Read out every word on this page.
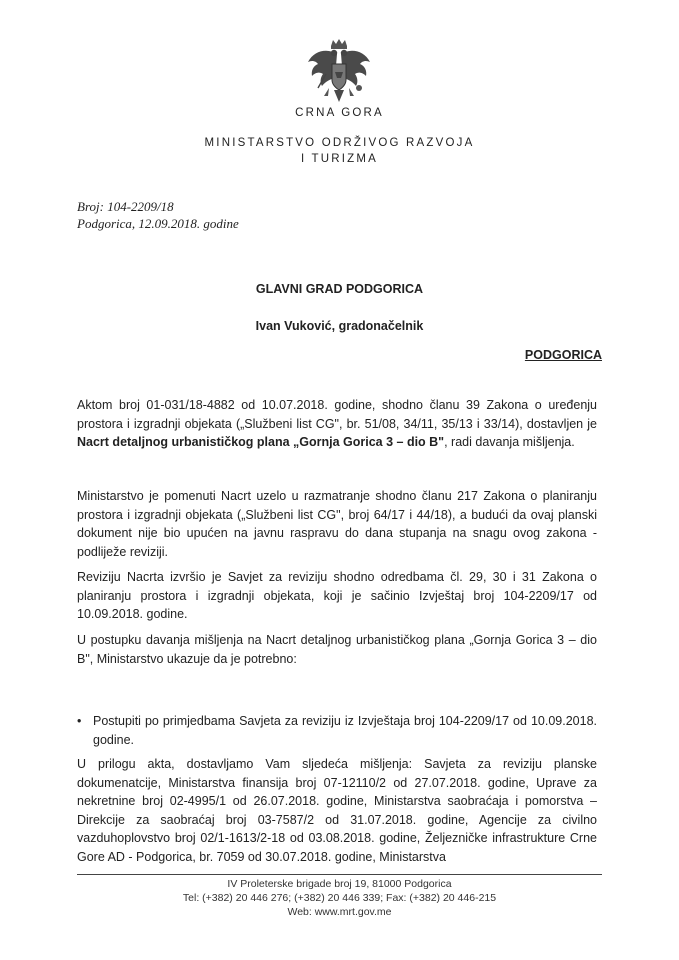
CRNA GORA
MINISTARSTVO ODRŽIVOG RAZVOJA
I TURIZMA
Broj: 104-2209/18
Podgorica, 12.09.2018. godine
GLAVNI GRAD PODGORICA
Ivan Vuković, gradonačelnik
PODGORICA

Aktom broj 01-031/18-4882 od 10.07.2018. godine, shodno članu 39 Zakona o uređenju prostora i izgradnji objekata („Službeni list CG", br. 51/08, 34/11, 35/13 i 33/14), dostavljen je Nacrt detaljnog urbanističkog plana „Gornja Gorica 3 – dio B", radi davanja mišljenja.

Ministarstvo je pomenuti Nacrt uzelo u razmatranje shodno članu 217 Zakona o planiranju prostora i izgradnji objekata („Službeni list CG", broj 64/17 i 44/18), a budući da ovaj planski dokument nije bio upućen na javnu raspravu do dana stupanja na snagu ovog zakona - podliježe reviziji.

Reviziju Nacrta izvršio je Savjet za reviziju shodno odredbama čl. 29, 30 i 31 Zakona o planiranju prostora i izgradnji objekata, koji je sačinio Izvještaj broj 104-2209/17 od 10.09.2018. godine.

U postupku davanja mišljenja na Nacrt detaljnog urbanističkog plana „Gornja Gorica 3 – dio B", Ministarstvo ukazuje da je potrebno:

• Postupiti po primjedbama Savjeta za reviziju iz Izvještaja broj 104-2209/17 od 10.09.2018. godine.

U prilogu akta, dostavljamo Vam sljedeća mišljenja: Savjeta za reviziju planske dokumenatcije, Ministarstva finansija broj 07-12110/2 od 27.07.2018. godine, Uprave za nekretnine broj 02-4995/1 od 26.07.2018. godine, Ministarstva saobraćaja i pomorstva – Direkcije za saobraćaj broj 03-7587/2 od 31.07.2018. godine, Agencije za civilno vazduhoplovstvo broj 02/1-1613/2-18 od 03.08.2018. godine, Željezničke infrastrukture Crne Gore AD - Podgorica, br. 7059 od 30.07.2018. godine, Ministarstva

IV Proleterske brigade broj 19, 81000 Podgorica
Tel: (+382) 20 446 276; (+382) 20 446 339; Fax: (+382) 20 446-215
Web: www.mrt.gov.me
